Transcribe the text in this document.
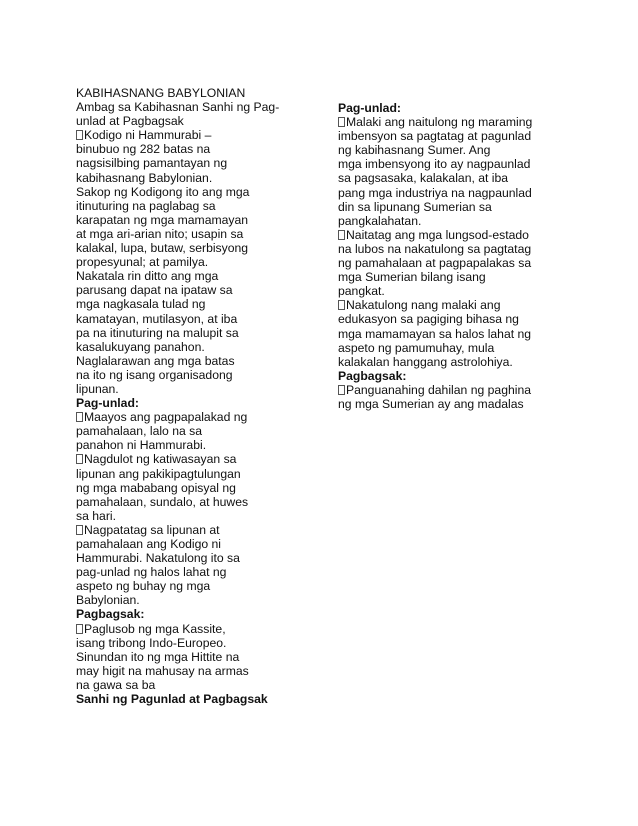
KABIHASNANG BABYLONIAN
Ambag sa Kabihasnan Sanhi ng Pag-
unlad at Pagbagsak
Kodigo ni Hammurabi –
binubuo ng 282 batas na
nagsisilbing pamantayan ng
kabihasnang Babylonian.
Sakop ng Kodigong ito ang mga
itinuturing na paglabag sa
karapatan ng mga mamamayan
at mga ari-arian nito; usapin sa
kalakal, lupa, butaw, serbisyong
propesyunal; at pamilya.
Nakatala rin ditto ang mga
parusang dapat na ipataw sa
mga nagkasala tulad ng
kamatayan, mutilasyon, at iba
pa na itinuturing na malupit sa
kasalukuyang panahon.
Naglalarawan ang mga batas
na ito ng isang organisadong
lipunan.
Pag-unlad:
Maayos ang pagpapalakad ng
pamahalaan, lalo na sa
panahon ni Hammurabi.
Nagdulot ng katiwasayan sa
lipunan ang pakikipagtulungan
ng mga mababang opisyal ng
pamahalaan, sundalo, at huwes
sa hari.
Nagpatatag sa lipunan at
pamahalaan ang Kodigo ni
Hammurabi. Nakatulong ito sa
pag-unlad ng halos lahat ng
aspeto ng buhay ng mga
Babylonian.
Pagbagsak:
Paglusob ng mga Kassite,
isang tribong Indo-Europeo.
Sinundan ito ng mga Hittite na
may higit na mahusay na armas
na gawa sa ba
Sanhi ng Pagunlad at Pagbagsak
Pag-unlad:
Malaki ang naitulong ng maraming
imbensyon sa pagtatag at pagunlad
ng kabihasnang Sumer. Ang
mga imbensyong ito ay nagpaunlad
sa pagsasaka, kalakalan, at iba
pang mga industriya na nagpaunlad
din sa lipunang Sumerian sa
pangkalahatan.
Naitatag ang mga lungsod-estado
na lubos na nakatulong sa pagtatag
ng pamahalaan at pagpapalakas sa
mga Sumerian bilang isang
pangkat.
Nakatulong nang malaki ang
edukasyon sa pagiging bihasa ng
mga mamamayan sa halos lahat ng
aspeto ng pamumuhay, mula
kalakalan hanggang astrolohiya.
Pagbagsak:
Panguanahing dahilan ng paghina
ng mga Sumerian ay ang madalas
